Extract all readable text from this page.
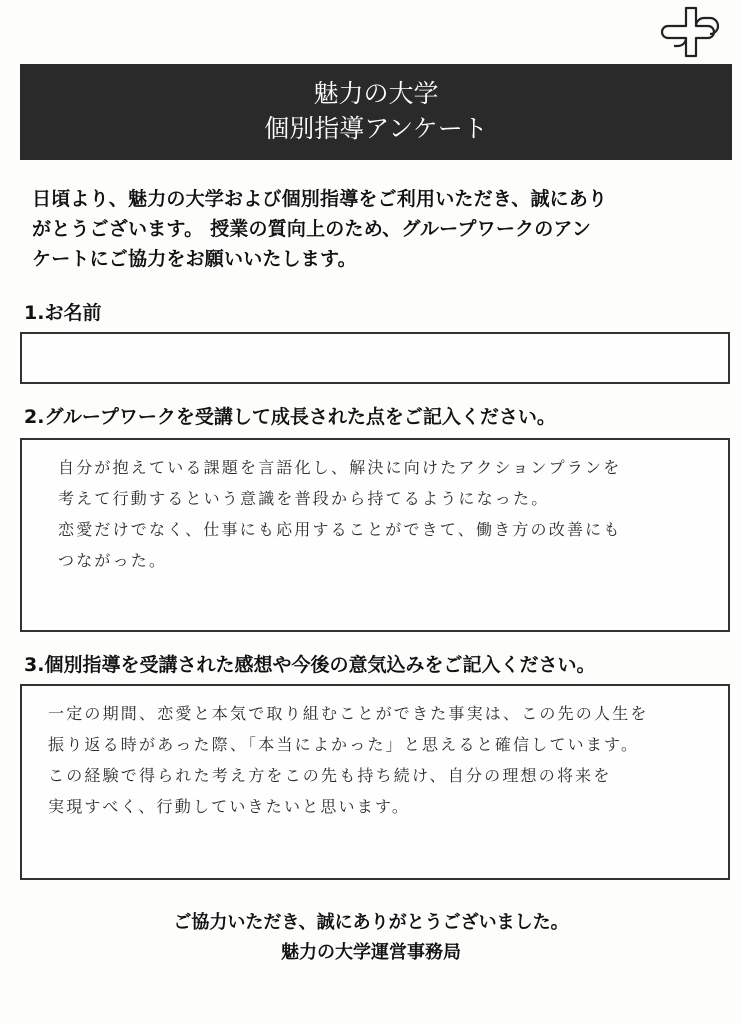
魅力の大学
個別指導アンケート
日頃より、魅力の大学および個別指導をご利用いただき、誠にあり
がとうございます。 授業の質向上のため、グループワークのアン
ケートにご協力をお願いいたします。
1.お名前
2.グループワークを受講して成長された点をご記入ください。
自分が抱えている課題を言語化し、解決に向けたアクションプランを
考えて行動するという意識を普段から持てるようになった。
恋愛だけでなく、仕事にも応用することができて、働き方の改善にも
つながった。
3.個別指導を受講された感想や今後の意気込みをご記入ください。
一定の期間、恋愛と本気で取り組むことができた事実は、この先の人生を
振り返る時があった際、「本当によかった」と思えると確信しています。
この経験で得られた考え方をこの先も持ち続け、自分の理想の将来を
実現すべく、行動していきたいと思います。
ご協力いただき、誠にありがとうございました。
魅力の大学運営事務局
